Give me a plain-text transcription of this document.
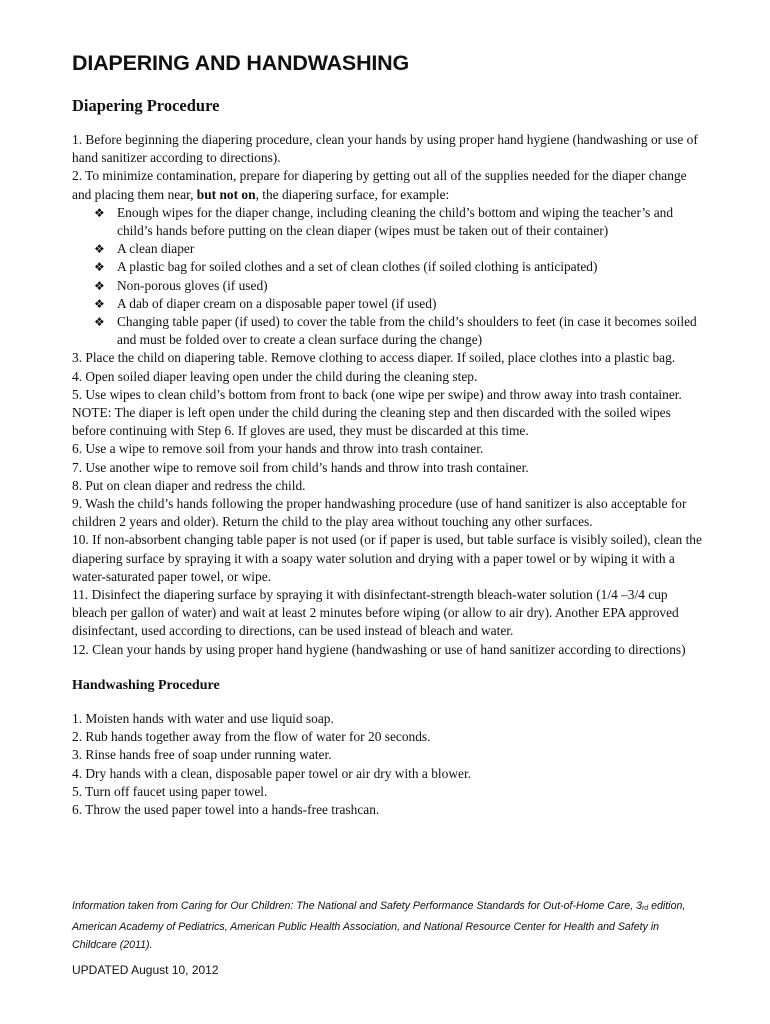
DIAPERING AND HANDWASHING
Diapering Procedure
1. Before beginning the diapering procedure, clean your hands by using proper hand hygiene (handwashing or use of hand sanitizer according to directions).
2. To minimize contamination, prepare for diapering by getting out all of the supplies needed for the diaper change and placing them near, but not on, the diapering surface, for example:
❖ Enough wipes for the diaper change, including cleaning the child’s bottom and wiping the teacher’s and child’s hands before putting on the clean diaper (wipes must be taken out of their container)
❖ A clean diaper
❖ A plastic bag for soiled clothes and a set of clean clothes (if soiled clothing is anticipated)
❖ Non-porous gloves (if used)
❖ A dab of diaper cream on a disposable paper towel (if used)
❖ Changing table paper (if used) to cover the table from the child’s shoulders to feet (in case it becomes soiled and must be folded over to create a clean surface during the change)
3. Place the child on diapering table. Remove clothing to access diaper. If soiled, place clothes into a plastic bag.
4. Open soiled diaper leaving open under the child during the cleaning step.
5. Use wipes to clean child’s bottom from front to back (one wipe per swipe) and throw away into trash container. NOTE: The diaper is left open under the child during the cleaning step and then discarded with the soiled wipes before continuing with Step 6. If gloves are used, they must be discarded at this time.
6. Use a wipe to remove soil from your hands and throw into trash container.
7. Use another wipe to remove soil from child’s hands and throw into trash container.
8. Put on clean diaper and redress the child.
9. Wash the child’s hands following the proper handwashing procedure (use of hand sanitizer is also acceptable for children 2 years and older). Return the child to the play area without touching any other surfaces.
10. If non-absorbent changing table paper is not used (or if paper is used, but table surface is visibly soiled), clean the diapering surface by spraying it with a soapy water solution and drying with a paper towel or by wiping it with a water-saturated paper towel, or wipe.
11. Disinfect the diapering surface by spraying it with disinfectant-strength bleach-water solution (1/4 –3/4 cup bleach per gallon of water) and wait at least 2 minutes before wiping (or allow to air dry). Another EPA approved disinfectant, used according to directions, can be used instead of bleach and water.
12. Clean your hands by using proper hand hygiene (handwashing or use of hand sanitizer according to directions)
Handwashing Procedure
1. Moisten hands with water and use liquid soap.
2. Rub hands together away from the flow of water for 20 seconds.
3. Rinse hands free of soap under running water.
4. Dry hands with a clean, disposable paper towel or air dry with a blower.
5. Turn off faucet using paper towel.
6. Throw the used paper towel into a hands-free trashcan.
Information taken from Caring for Our Children: The National and Safety Performance Standards for Out-of-Home Care, $3_{rd}$ edition, American Academy of Pediatrics, American Public Health Association, and National Resource Center for Health and Safety in Childcare (2011).
UPDATED August 10, 2012
